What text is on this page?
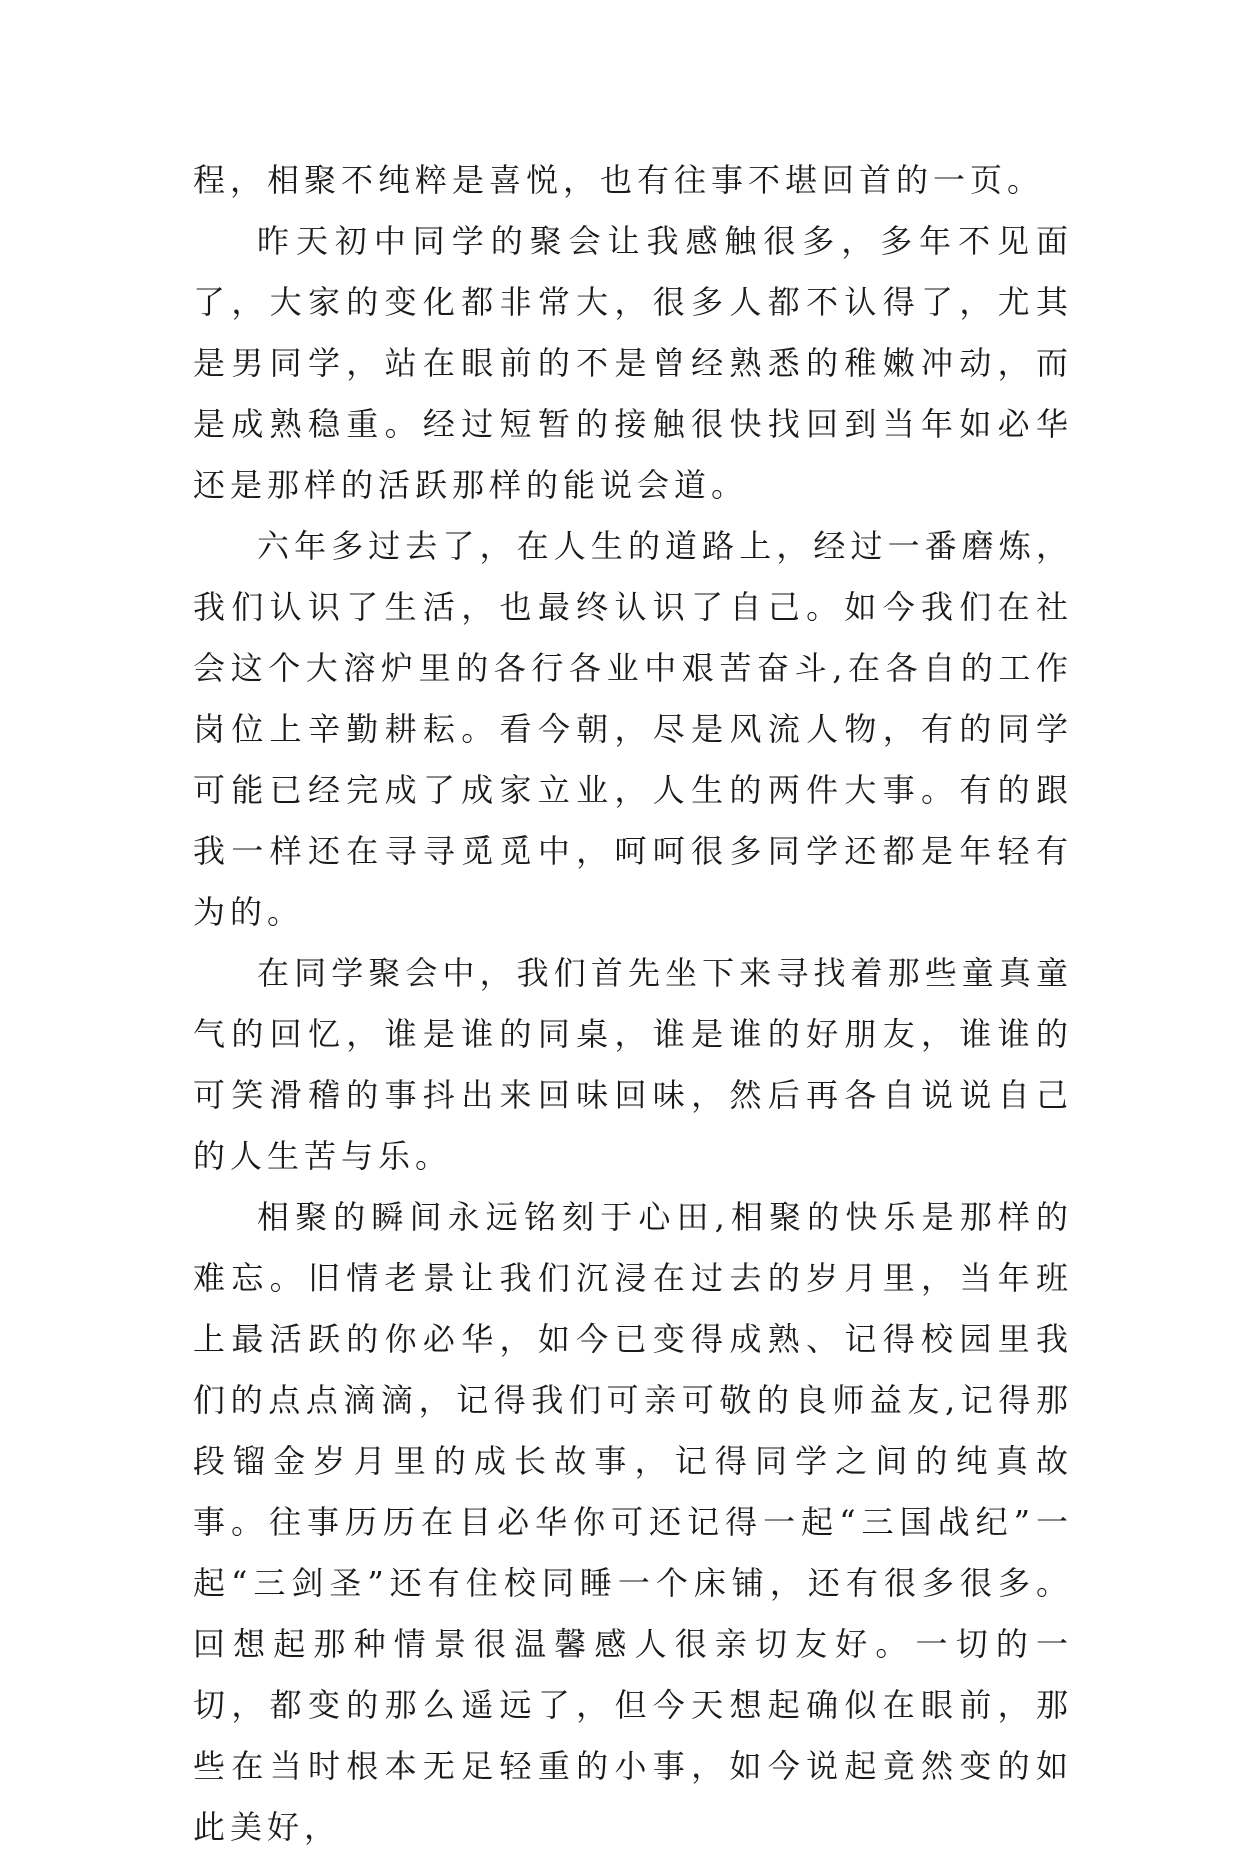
程，相聚不纯粹是喜悦，也有往事不堪回首的一页。

昨天初中同学的聚会让我感触很多，多年不见面了，大家的变化都非常大，很多人都不认得了，尤其是男同学，站在眼前的不是曾经熟悉的稚嫩冲动，而是成熟稳重。经过短暂的接触很快找回到当年如必华还是那样的活跃那样的能说会道。

六年多过去了，在人生的道路上，经过一番磨炼，我们认识了生活，也最终认识了自己。如今我们在社会这个大溶炉里的各行各业中艰苦奋斗,在各自的工作岗位上辛勤耕耘。看今朝，尽是风流人物，有的同学可能已经完成了成家立业，人生的两件大事。有的跟我一样还在寻寻觅觅中，呵呵很多同学还都是年轻有为的。

在同学聚会中，我们首先坐下来寻找着那些童真童气的回忆，谁是谁的同桌，谁是谁的好朋友，谁谁的可笑滑稽的事抖出来回味回味，然后再各自说说自己的人生苦与乐。

相聚的瞬间永远铭刻于心田,相聚的快乐是那样的难忘。旧情老景让我们沉浸在过去的岁月里，当年班上最活跃的你必华，如今已变得成熟、记得校园里我们的点点滴滴，记得我们可亲可敬的良师益友,记得那段镏金岁月里的成长故事，记得同学之间的纯真故事。往事历历在目必华你可还记得一起“三国战纪”一起“三剑圣”还有住校同睡一个床铺，还有很多很多。回想起那种情景很温馨感人很亲切友好。一切的一切，都变的那么遥远了，但今天想起确似在眼前，那些在当时根本无足轻重的小事，如今说起竟然变的如此美好，
